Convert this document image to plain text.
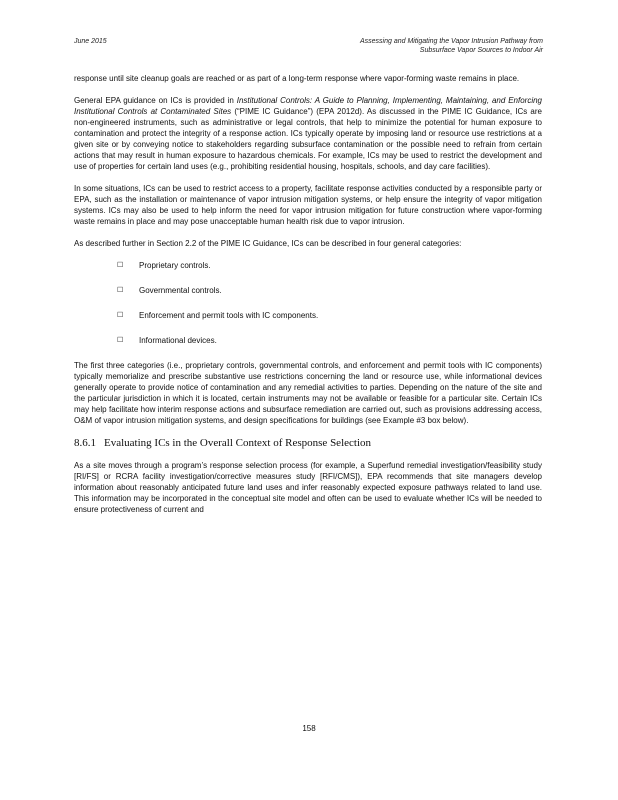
June 2015	Assessing and Mitigating the Vapor Intrusion Pathway from
Subsurface Vapor Sources to Indoor Air

response until site cleanup goals are reached or as part of a long-term response where vapor-forming waste remains in place.

General EPA guidance on ICs is provided in Institutional Controls: A Guide to Planning, Implementing, Maintaining, and Enforcing Institutional Controls at Contaminated Sites (“PIME IC Guidance”) (EPA 2012d). As discussed in the PIME IC Guidance, ICs are non-engineered instruments, such as administrative or legal controls, that help to minimize the potential for human exposure to contamination and protect the integrity of a response action. ICs typically operate by imposing land or resource use restrictions at a given site or by conveying notice to stakeholders regarding subsurface contamination or the possible need to refrain from certain actions that may result in human exposure to hazardous chemicals. For example, ICs may be used to restrict the development and use of properties for certain land uses (e.g., prohibiting residential housing, hospitals, schools, and day care facilities).

In some situations, ICs can be used to restrict access to a property, facilitate response activities conducted by a responsible party or EPA, such as the installation or maintenance of vapor intrusion mitigation systems, or help ensure the integrity of vapor mitigation systems. ICs may also be used to help inform the need for vapor intrusion mitigation for future construction where vapor-forming waste remains in place and may pose unacceptable human health risk due to vapor intrusion.

As described further in Section 2.2 of the PIME IC Guidance, ICs can be described in four general categories:

☐ Proprietary controls.
☐ Governmental controls.
☐ Enforcement and permit tools with IC components.
☐ Informational devices.

The first three categories (i.e., proprietary controls, governmental controls, and enforcement and permit tools with IC components) typically memorialize and prescribe substantive use restrictions concerning the land or resource use, while informational devices generally operate to provide notice of contamination and any remedial activities to parties. Depending on the nature of the site and the particular jurisdiction in which it is located, certain instruments may not be available or feasible for a particular site. Certain ICs may help facilitate how interim response actions and subsurface remediation are carried out, such as provisions addressing access, O&M of vapor intrusion mitigation systems, and design specifications for buildings (see Example #3 box below).

8.6.1 Evaluating ICs in the Overall Context of Response Selection

As a site moves through a program’s response selection process (for example, a Superfund remedial investigation/feasibility study [RI/FS] or RCRA facility investigation/corrective measures study [RFI/CMS]), EPA recommends that site managers develop information about reasonably anticipated future land uses and infer reasonably expected exposure pathways related to land use. This information may be incorporated in the conceptual site model and often can be used to evaluate whether ICs will be needed to ensure protectiveness of current and

158
